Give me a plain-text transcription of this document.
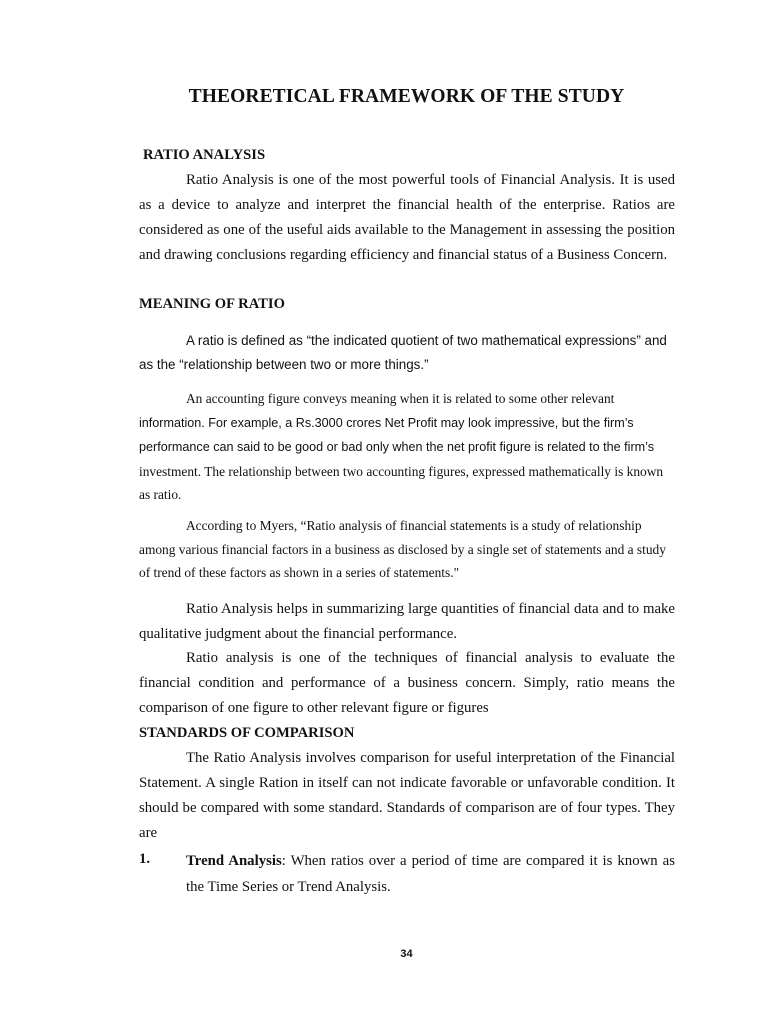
THEORETICAL FRAMEWORK OF THE STUDY
RATIO ANALYSIS

Ratio Analysis is one of the most powerful tools of Financial Analysis. It is used as a device to analyze and interpret the financial health of the enterprise. Ratios are considered as one of the useful aids available to the Management in assessing the position and drawing conclusions regarding efficiency and financial status of a Business Concern.

MEANING OF RATIO

A ratio is defined as “the indicated quotient of two mathematical expressions” and as the “relationship between two or more things.”

An accounting figure conveys meaning when it is related to some other relevant information. For example, a Rs.3000 crores Net Profit may look impressive, but the firm’s performance can said to be good or bad only when the net profit figure is related to the firm’s investment. The relationship between two accounting figures, expressed mathematically is known as ratio.
According to Myers, “Ratio analysis of financial statements is a study of relationship among various financial factors in a business as disclosed by a single set of statements and a study of trend of these factors as shown in a series of statements."

Ratio Analysis helps in summarizing large quantities of financial data and to make qualitative judgment about the financial performance.

Ratio analysis is one of the techniques of financial analysis to evaluate the financial condition and performance of a business concern. Simply, ratio means the comparison of one figure to other relevant figure or figures

STANDARDS OF COMPARISON

The Ratio Analysis involves comparison for useful interpretation of the Financial Statement. A single Ration in itself can not indicate favorable or unfavorable condition. It should be compared with some standard. Standards of comparison are of four types. They are

1. Trend Analysis: When ratios over a period of time are compared it is known as the Time Series or Trend Analysis.

34
